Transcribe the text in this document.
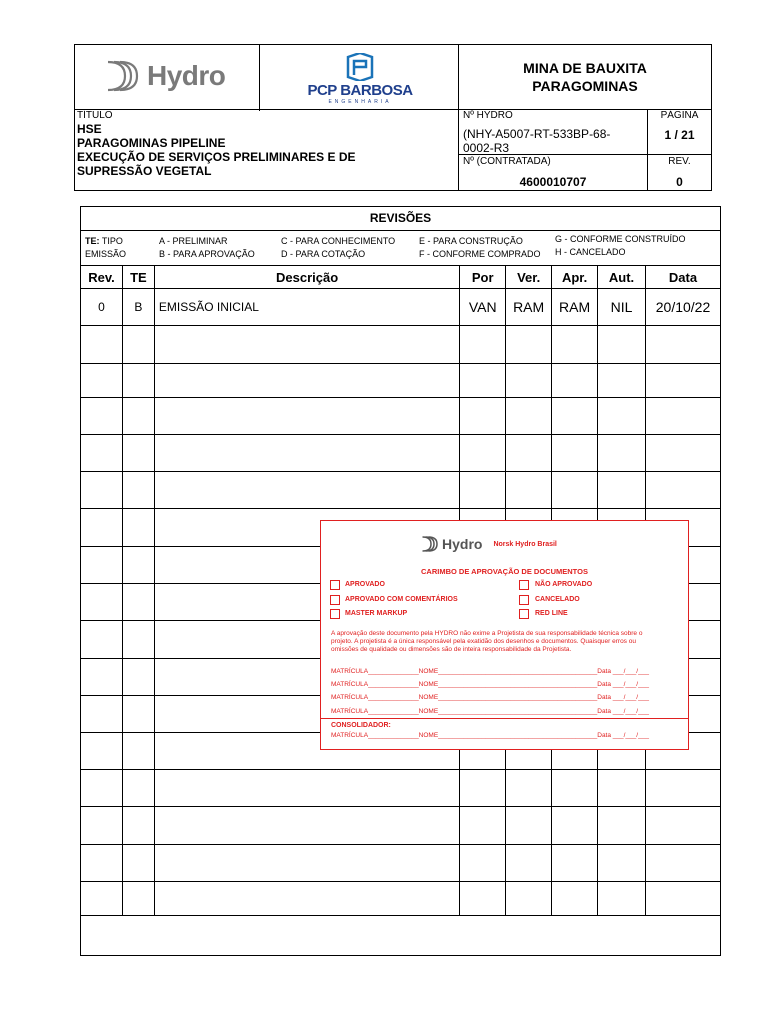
Hydro	PCP BARBOSA
ENGENHARIA
MINA DE BAUXITA
PARAGOMINAS
TÍTULO
HSE
PARAGOMINAS PIPELINE
EXECUÇÃO DE SERVIÇOS PRELIMINARES E DE
SUPRESSÃO VEGETAL
Nº HYDRO
(NHY-A5007-RT-533BP-68-
0002-R3
PÁGINA
1 / 21
Nº (CONTRATADA)
4600010707
REV.
0
REVISÕES
TE: TIPO
EMISSÃO
A - PRELIMINAR
B - PARA APROVAÇÃO
C - PARA CONHECIMENTO
D - PARA COTAÇÃO
E - PARA CONSTRUÇÃO
F - CONFORME COMPRADO
G - CONFORME CONSTRUÍDO
H - CANCELADO
Rev.	TE	Descrição	Por	Ver.	Apr.	Aut.	Data
0	B	EMISSÃO INICIAL	VAN	RAM	RAM	NIL	20/10/22

Hydro Norsk Hydro Brasil
CARIMBO DE APROVAÇÃO DE DOCUMENTOS
APROVADO	NÃO APROVADO
APROVADO COM COMENTÁRIOS	CANCELADO
MASTER MARKUP	RED LINE
A aprovação deste documento pela HYDRO não exime a Projetista de sua responsabilidade técnica sobre o
projeto. A projetista é a única responsável pela exatidão dos desenhos e documentos. Quaisquer erros ou
omissões de qualidade ou dimensões são de inteira responsabilidade da Projetista.
MATRÍCULA______________NOME____________________________________________Data ___/___/___
MATRÍCULA______________NOME____________________________________________Data ___/___/___
MATRÍCULA______________NOME____________________________________________Data ___/___/___
MATRÍCULA______________NOME____________________________________________Data ___/___/___
CONSOLIDADOR:
MATRÍCULA______________NOME____________________________________________Data ___/___/___
